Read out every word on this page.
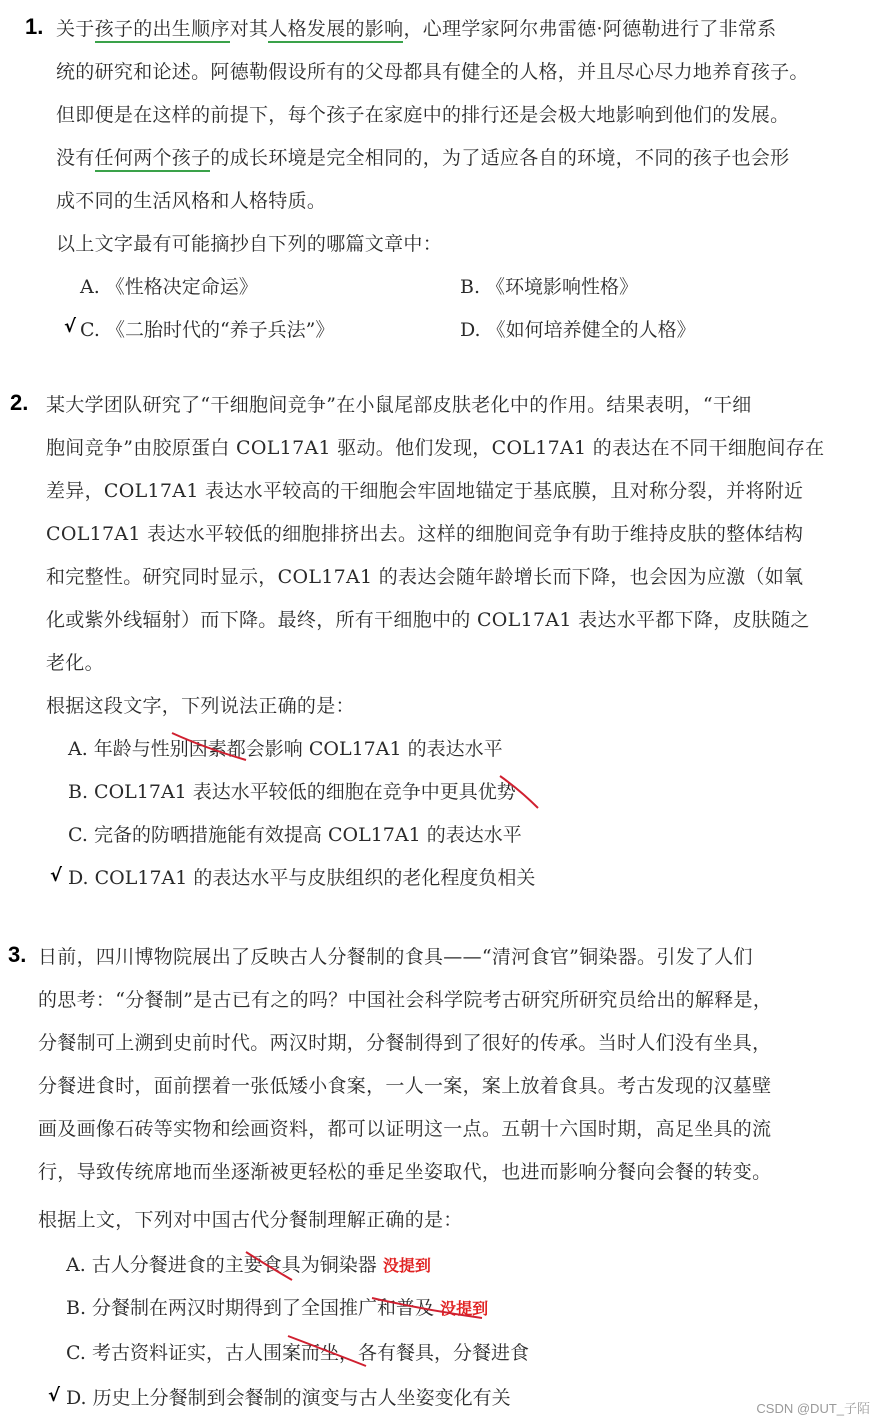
1. 关于孩子的出生顺序对其人格发展的影响，心理学家阿尔弗雷德·阿德勒进行了非常系
统的研究和论述。阿德勒假设所有的父母都具有健全的人格，并且尽心尽力地养育孩子。
但即便是在这样的前提下，每个孩子在家庭中的排行还是会极大地影响到他们的发展。
没有任何两个孩子的成长环境是完全相同的，为了适应各自的环境，不同的孩子也会形
成不同的生活风格和人格特质。
以上文字最有可能摘抄自下列的哪篇文章中：
A. 《性格决定命运》	B. 《环境影响性格》
√ C. 《二胎时代的“养子兵法”》	D. 《如何培养健全的人格》
2. 某大学团队研究了“干细胞间竞争”在小鼠尾部皮肤老化中的作用。结果表明，“干细
胞间竞争”由胶原蛋白 COL17A1 驱动。他们发现，COL17A1 的表达在不同干细胞间存在
差异，COL17A1 表达水平较高的干细胞会牢固地锚定于基底膜，且对称分裂，并将附近
COL17A1 表达水平较低的细胞排挤出去。这样的细胞间竞争有助于维持皮肤的整体结构
和完整性。研究同时显示，COL17A1 的表达会随年龄增长而下降，也会因为应激（如氧
化或紫外线辐射）而下降。最终，所有干细胞中的 COL17A1 表达水平都下降，皮肤随之
老化。
根据这段文字，下列说法正确的是：
A. 年龄与性别因素都会影响 COL17A1 的表达水平
B. COL17A1 表达水平较低的细胞在竞争中更具优势
C. 完备的防晒措施能有效提高 COL17A1 的表达水平
√ D. COL17A1 的表达水平与皮肤组织的老化程度负相关
3. 日前，四川博物院展出了反映古人分餐制的食具——“清河食官”铜染器。引发了人们
的思考：“分餐制”是古已有之的吗？中国社会科学院考古研究所研究员给出的解释是，
分餐制可上溯到史前时代。两汉时期，分餐制得到了很好的传承。当时人们没有坐具，
分餐进食时，面前摆着一张低矮小食案，一人一案，案上放着食具。考古发现的汉墓壁
画及画像石砖等实物和绘画资料，都可以证明这一点。五朝十六国时期，高足坐具的流
行，导致传统席地而坐逐渐被更轻松的垂足坐姿取代，也进而影响分餐向会餐的转变。
根据上文，下列对中国古代分餐制理解正确的是：
A. 古人分餐进食的主要食具为铜染器 没提到
B. 分餐制在两汉时期得到了全国推广和普及 没提到
C. 考古资料证实，古人围案而坐，各有餐具，分餐进食
√ D. 历史上分餐制到会餐制的演变与古人坐姿变化有关	CSDN @DUT_子陌
